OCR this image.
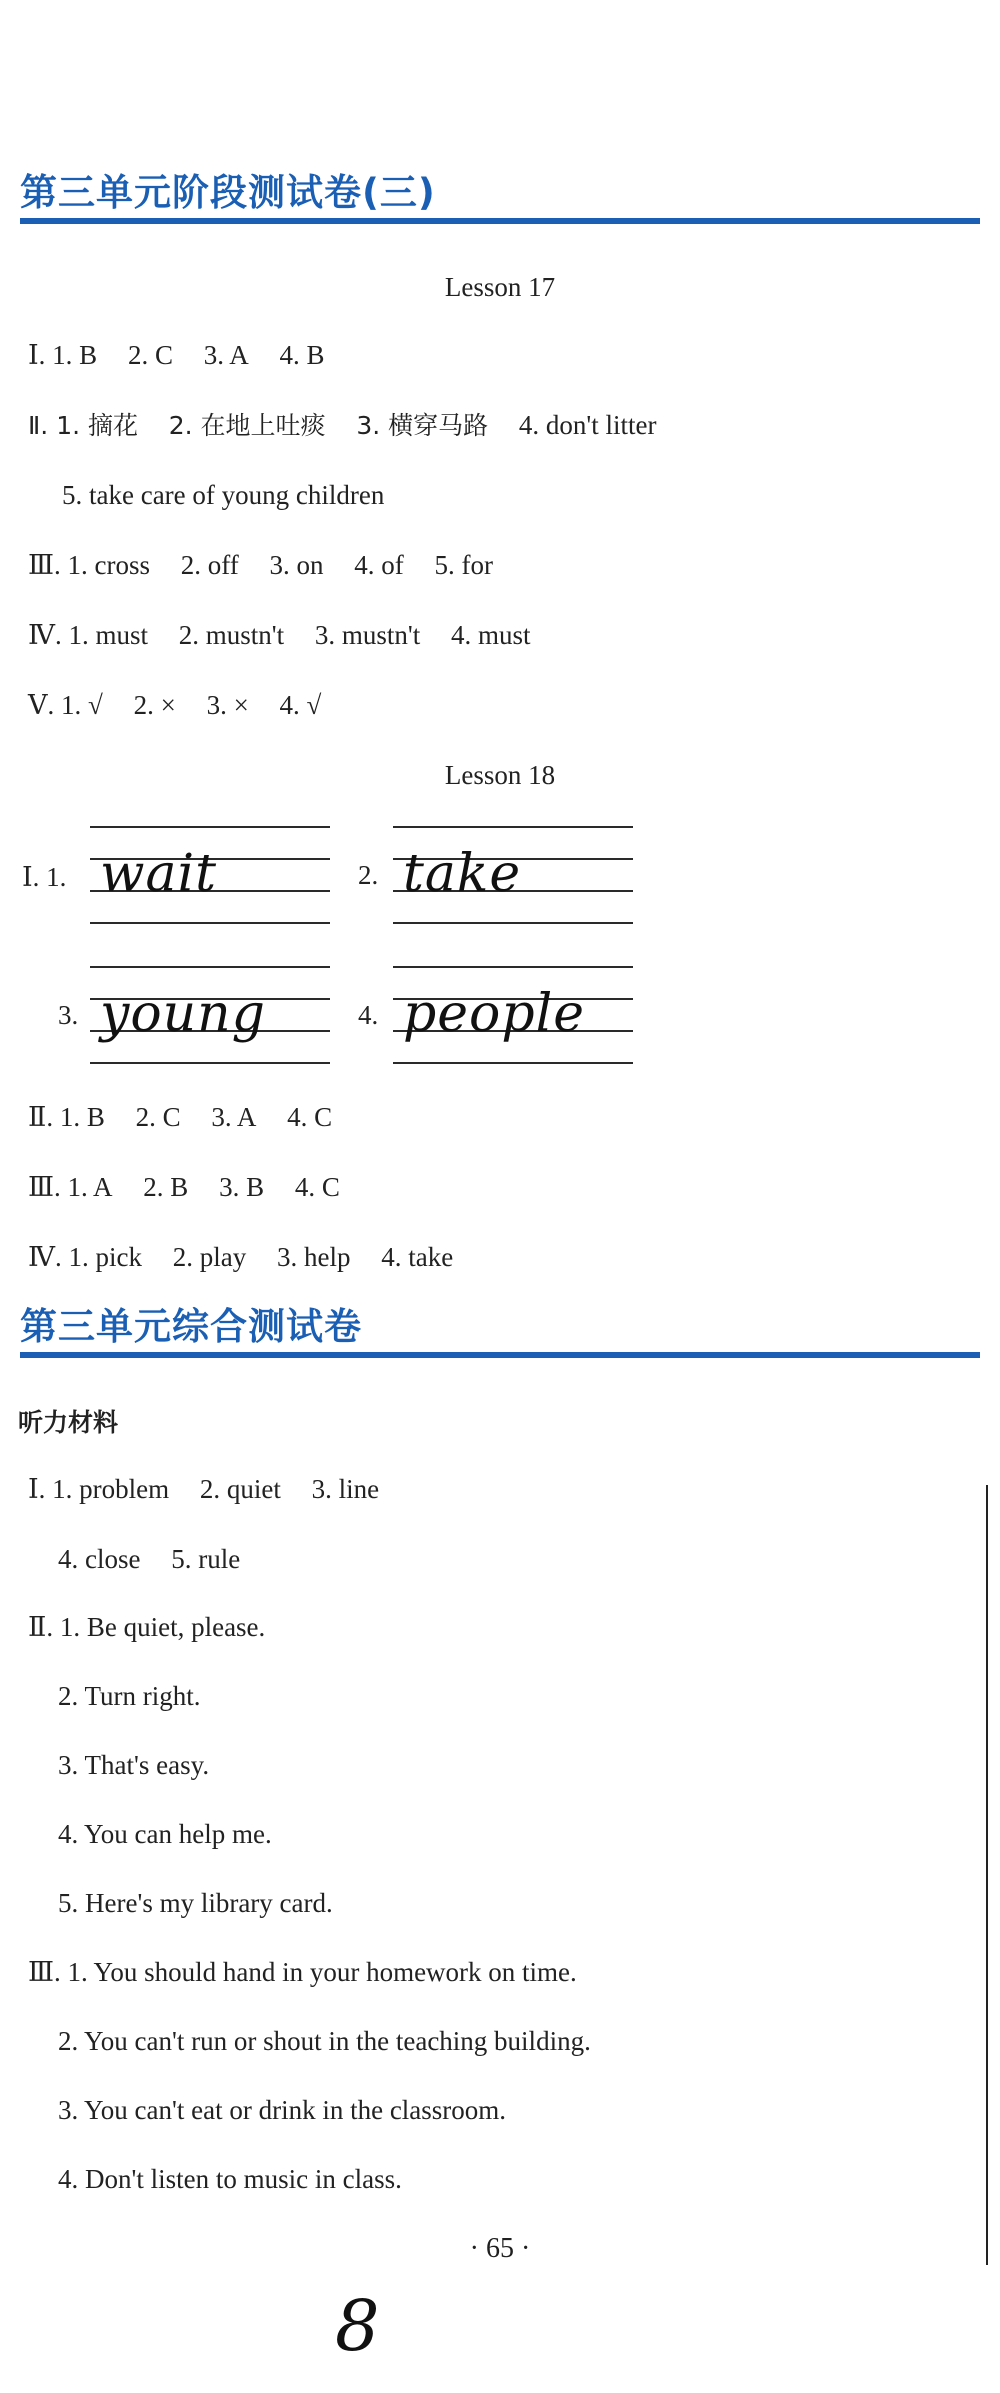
第三单元阶段测试卷(三)
Lesson 17
Ⅰ. 1. B 2. C 3. A 4. B
Ⅱ. 1. 摘花 2. 在地上吐痰 3. 横穿马路 4. don't litter
5. take care of young children
Ⅲ. 1. cross 2. off 3. on 4. of 5. for
Ⅳ. 1. must 2. mustn't 3. mustn't 4. must
Ⅴ. 1. √ 2. × 3. × 4. √
Lesson 18
Ⅰ. 1. wait	2. take
3. young	4. people
Ⅱ. 1. B 2. C 3. A 4. C
Ⅲ. 1. A 2. B 3. B 4. C
Ⅳ. 1. pick 2. play 3. help 4. take
第三单元综合测试卷
听力材料
Ⅰ. 1. problem 2. quiet 3. line
4. close 5. rule
Ⅱ. 1. Be quiet, please.
2. Turn right.
3. That's easy.
4. You can help me.
5. Here's my library card.
Ⅲ. 1. You should hand in your homework on time.
2. You can't run or shout in the teaching building.
3. You can't eat or drink in the classroom.
4. Don't listen to music in class.
· 65 ·
8
